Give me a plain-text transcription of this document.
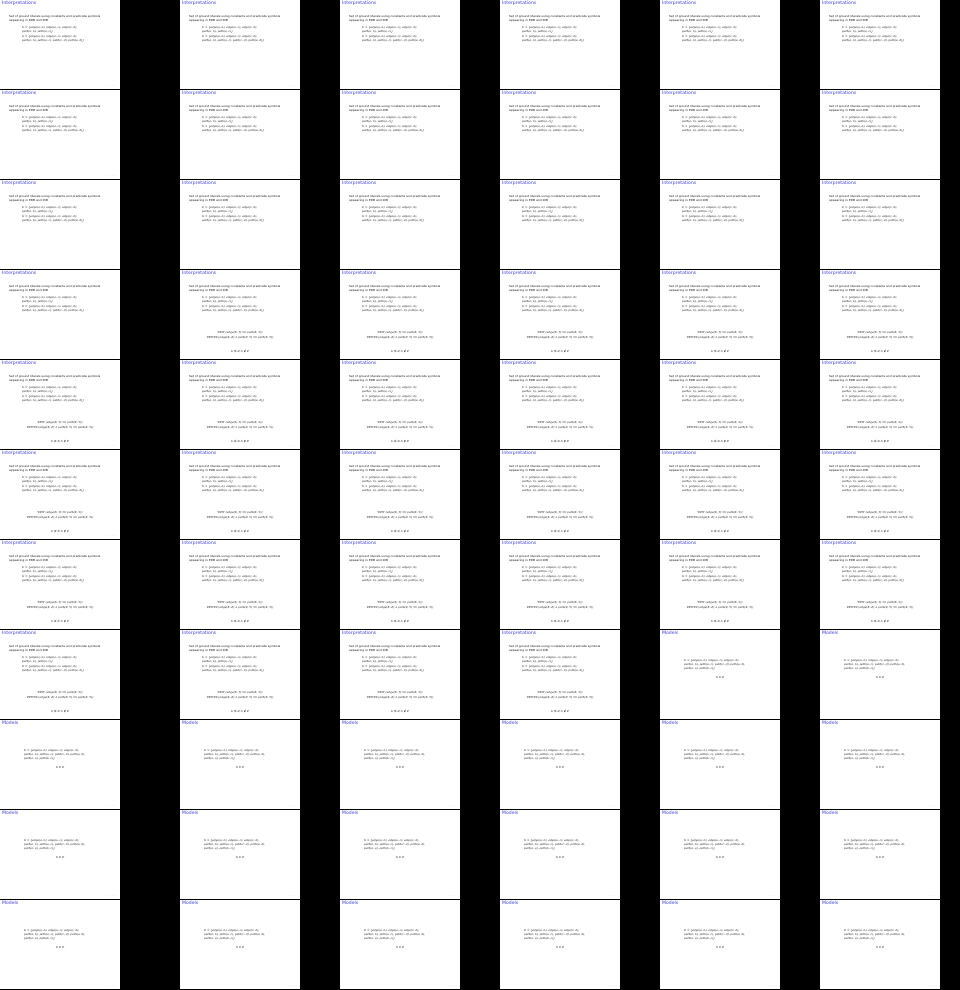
Interpretations
Set of ground literals using constants and predicate symbols
appearing in EDB and IDB
I₁ = {edge(a, b), edge(a, c), edge(c, d),
path(a, b), path(a, c)}
I₂ = {edge(a, b), edge(a, c), edge(c, d),
path(a, b), path(a, c), path(c, d), path(a, d)}
• • • •
Interpretations
Set of ground literals using constants and predicate symbols
appearing in EDB and IDB
I₁ = {edge(a, b), edge(a, c), edge(c, d),
path(a, b), path(a, c)}
I₂ = {edge(a, b), edge(a, c), edge(c, d),
path(a, b), path(a, c), path(c, d), path(a, d)}
• • • •
Interpretations
Set of ground literals using constants and predicate symbols
appearing in EDB and IDB
I₁ = {edge(a, b), edge(a, c), edge(c, d),
path(a, b), path(a, c)}
I₂ = {edge(a, b), edge(a, c), edge(c, d),
path(a, b), path(a, c), path(c, d), path(a, d)}
• • • •
Interpretations
Set of ground literals using constants and predicate symbols
appearing in EDB and IDB
I₁ = {edge(a, b), edge(a, c), edge(c, d),
path(a, b), path(a, c)}
I₂ = {edge(a, b), edge(a, c), edge(c, d),
path(a, b), path(a, c), path(c, d), path(a, d)}
• • • •
Interpretations
Set of ground literals using constants and predicate symbols
appearing in EDB and IDB
I₁ = {edge(a, b), edge(a, c), edge(c, d),
path(a, b), path(a, c)}
I₂ = {edge(a, b), edge(a, c), edge(c, d),
path(a, b), path(a, c), path(c, d), path(a, d)}
• • • •
Interpretations
Set of ground literals using constants and predicate symbols
appearing in EDB and IDB
I₁ = {edge(a, b), edge(a, c), edge(c, d),
path(a, b), path(a, c)}
I₂ = {edge(a, b), edge(a, c), edge(c, d),
path(a, b), path(a, c), path(c, d), path(a, d)}
• • • •
Interpretations
Set of ground literals using constants and predicate symbols
appearing in EDB and IDB
I₁ = {edge(a, b), edge(a, c), edge(c, d),
path(a, b), path(a, c)}
I₂ = {edge(a, b), edge(a, c), edge(c, d),
path(a, b), path(a, c), path(c, d), path(a, d)}
• • • •
Interpretations
Set of ground literals using constants and predicate symbols
appearing in EDB and IDB
I₁ = {edge(a, b), edge(a, c), edge(c, d),
path(a, b), path(a, c)}
I₂ = {edge(a, b), edge(a, c), edge(c, d),
path(a, b), path(a, c), path(c, d), path(a, d)}
• • • •
Interpretations
Set of ground literals using constants and predicate symbols
appearing in EDB and IDB
I₁ = {edge(a, b), edge(a, c), edge(c, d),
path(a, b), path(a, c)}
I₂ = {edge(a, b), edge(a, c), edge(c, d),
path(a, b), path(a, c), path(c, d), path(a, d)}
• • • •
Interpretations
Set of ground literals using constants and predicate symbols
appearing in EDB and IDB
I₁ = {edge(a, b), edge(a, c), edge(c, d),
path(a, b), path(a, c)}
I₂ = {edge(a, b), edge(a, c), edge(c, d),
path(a, b), path(a, c), path(c, d), path(a, d)}
• • • •
Interpretations
Set of ground literals using constants and predicate symbols
appearing in EDB and IDB
I₁ = {edge(a, b), edge(a, c), edge(c, d),
path(a, b), path(a, c)}
I₂ = {edge(a, b), edge(a, c), edge(c, d),
path(a, b), path(a, c), path(c, d), path(a, d)}
• • • •
Interpretations
Set of ground literals using constants and predicate symbols
appearing in EDB and IDB
I₁ = {edge(a, b), edge(a, c), edge(c, d),
path(a, b), path(a, c)}
I₂ = {edge(a, b), edge(a, c), edge(c, d),
path(a, b), path(a, c), path(c, d), path(a, d)}
• • • •
Interpretations
Set of ground literals using constants and predicate symbols
appearing in EDB and IDB
I₁ = {edge(a, b), edge(a, c), edge(c, d),
path(a, b), path(a, c)}
I₂ = {edge(a, b), edge(a, c), edge(c, d),
path(a, b), path(a, c), path(c, d), path(a, d)}
• • • •
Interpretations
Set of ground literals using constants and predicate symbols
appearing in EDB and IDB
I₁ = {edge(a, b), edge(a, c), edge(c, d),
path(a, b), path(a, c)}
I₂ = {edge(a, b), edge(a, c), edge(c, d),
path(a, b), path(a, c), path(c, d), path(a, d)}
• • • •
Interpretations
Set of ground literals using constants and predicate symbols
appearing in EDB and IDB
I₁ = {edge(a, b), edge(a, c), edge(c, d),
path(a, b), path(a, c)}
I₂ = {edge(a, b), edge(a, c), edge(c, d),
path(a, b), path(a, c), path(c, d), path(a, d)}
• • • •
Interpretations
Set of ground literals using constants and predicate symbols
appearing in EDB and IDB
I₁ = {edge(a, b), edge(a, c), edge(c, d),
path(a, b), path(a, c)}
I₂ = {edge(a, b), edge(a, c), edge(c, d),
path(a, b), path(a, c), path(c, d), path(a, d)}
• • • •
Interpretations
Set of ground literals using constants and predicate symbols
appearing in EDB and IDB
I₁ = {edge(a, b), edge(a, c), edge(c, d),
path(a, b), path(a, c)}
I₂ = {edge(a, b), edge(a, c), edge(c, d),
path(a, b), path(a, c), path(c, d), path(a, d)}
• • • •
Interpretations
Set of ground literals using constants and predicate symbols
appearing in EDB and IDB
I₁ = {edge(a, b), edge(a, c), edge(c, d),
path(a, b), path(a, c)}
I₂ = {edge(a, b), edge(a, c), edge(c, d),
path(a, b), path(a, c), path(c, d), path(a, d)}
• • • •
Interpretations
Set of ground literals using constants and predicate symbols
appearing in EDB and IDB
I₁ = {edge(a, b), edge(a, c), edge(c, d),
path(a, b), path(a, c)}
I₂ = {edge(a, b), edge(a, c), edge(c, d),
path(a, b), path(a, c), path(c, d), path(a, d)}
• • • •
Interpretations
Set of ground literals using constants and predicate symbols
appearing in EDB and IDB
I₁ = {edge(a, b), edge(a, c), edge(c, d),
path(a, b), path(a, c)}
I₂ = {edge(a, b), edge(a, c), edge(c, d),
path(a, b), path(a, c), path(c, d), path(a, d)}
∀X∀Y (edge(X, Y) ⟹ path(X, Y))
∀X∀Y∀Z (edge(X, Z) ∧ path(Z, Y) ⟹ path(X, Y))
I₂ ⊭ P, I₁ ⊭ P
• • • •
Interpretations
Set of ground literals using constants and predicate symbols
appearing in EDB and IDB
I₁ = {edge(a, b), edge(a, c), edge(c, d),
path(a, b), path(a, c)}
I₂ = {edge(a, b), edge(a, c), edge(c, d),
path(a, b), path(a, c), path(c, d), path(a, d)}
∀X∀Y (edge(X, Y) ⟹ path(X, Y))
∀X∀Y∀Z (edge(X, Z) ∧ path(Z, Y) ⟹ path(X, Y))
I₂ ⊭ P, I₁ ⊭ P
• • • •
Interpretations
Set of ground literals using constants and predicate symbols
appearing in EDB and IDB
I₁ = {edge(a, b), edge(a, c), edge(c, d),
path(a, b), path(a, c)}
I₂ = {edge(a, b), edge(a, c), edge(c, d),
path(a, b), path(a, c), path(c, d), path(a, d)}
∀X∀Y (edge(X, Y) ⟹ path(X, Y))
∀X∀Y∀Z (edge(X, Z) ∧ path(Z, Y) ⟹ path(X, Y))
I₂ ⊭ P, I₁ ⊭ P
• • • •
Interpretations
Set of ground literals using constants and predicate symbols
appearing in EDB and IDB
I₁ = {edge(a, b), edge(a, c), edge(c, d),
path(a, b), path(a, c)}
I₂ = {edge(a, b), edge(a, c), edge(c, d),
path(a, b), path(a, c), path(c, d), path(a, d)}
∀X∀Y (edge(X, Y) ⟹ path(X, Y))
∀X∀Y∀Z (edge(X, Z) ∧ path(Z, Y) ⟹ path(X, Y))
I₂ ⊭ P, I₁ ⊭ P
• • • •
Interpretations
Set of ground literals using constants and predicate symbols
appearing in EDB and IDB
I₁ = {edge(a, b), edge(a, c), edge(c, d),
path(a, b), path(a, c)}
I₂ = {edge(a, b), edge(a, c), edge(c, d),
path(a, b), path(a, c), path(c, d), path(a, d)}
∀X∀Y (edge(X, Y) ⟹ path(X, Y))
∀X∀Y∀Z (edge(X, Z) ∧ path(Z, Y) ⟹ path(X, Y))
I₂ ⊭ P, I₁ ⊭ P
• • • •
Interpretations
Set of ground literals using constants and predicate symbols
appearing in EDB and IDB
I₁ = {edge(a, b), edge(a, c), edge(c, d),
path(a, b), path(a, c)}
I₂ = {edge(a, b), edge(a, c), edge(c, d),
path(a, b), path(a, c), path(c, d), path(a, d)}
∀X∀Y (edge(X, Y) ⟹ path(X, Y))
∀X∀Y∀Z (edge(X, Z) ∧ path(Z, Y) ⟹ path(X, Y))
I₂ ⊭ P, I₁ ⊭ P
• • • •
Interpretations
Set of ground literals using constants and predicate symbols
appearing in EDB and IDB
I₁ = {edge(a, b), edge(a, c), edge(c, d),
path(a, b), path(a, c)}
I₂ = {edge(a, b), edge(a, c), edge(c, d),
path(a, b), path(a, c), path(c, d), path(a, d)}
∀X∀Y (edge(X, Y) ⟹ path(X, Y))
∀X∀Y∀Z (edge(X, Z) ∧ path(Z, Y) ⟹ path(X, Y))
I₂ ⊭ P, I₁ ⊭ P
• • • •
Interpretations
Set of ground literals using constants and predicate symbols
appearing in EDB and IDB
I₁ = {edge(a, b), edge(a, c), edge(c, d),
path(a, b), path(a, c)}
I₂ = {edge(a, b), edge(a, c), edge(c, d),
path(a, b), path(a, c), path(c, d), path(a, d)}
∀X∀Y (edge(X, Y) ⟹ path(X, Y))
∀X∀Y∀Z (edge(X, Z) ∧ path(Z, Y) ⟹ path(X, Y))
I₂ ⊭ P, I₁ ⊭ P
• • • •
Interpretations
Set of ground literals using constants and predicate symbols
appearing in EDB and IDB
I₁ = {edge(a, b), edge(a, c), edge(c, d),
path(a, b), path(a, c)}
I₂ = {edge(a, b), edge(a, c), edge(c, d),
path(a, b), path(a, c), path(c, d), path(a, d)}
∀X∀Y (edge(X, Y) ⟹ path(X, Y))
∀X∀Y∀Z (edge(X, Z) ∧ path(Z, Y) ⟹ path(X, Y))
I₂ ⊭ P, I₁ ⊭ P
• • • •
Interpretations
Set of ground literals using constants and predicate symbols
appearing in EDB and IDB
I₁ = {edge(a, b), edge(a, c), edge(c, d),
path(a, b), path(a, c)}
I₂ = {edge(a, b), edge(a, c), edge(c, d),
path(a, b), path(a, c), path(c, d), path(a, d)}
∀X∀Y (edge(X, Y) ⟹ path(X, Y))
∀X∀Y∀Z (edge(X, Z) ∧ path(Z, Y) ⟹ path(X, Y))
I₂ ⊭ P, I₁ ⊭ P
• • • •
Interpretations
Set of ground literals using constants and predicate symbols
appearing in EDB and IDB
I₁ = {edge(a, b), edge(a, c), edge(c, d),
path(a, b), path(a, c)}
I₂ = {edge(a, b), edge(a, c), edge(c, d),
path(a, b), path(a, c), path(c, d), path(a, d)}
∀X∀Y (edge(X, Y) ⟹ path(X, Y))
∀X∀Y∀Z (edge(X, Z) ∧ path(Z, Y) ⟹ path(X, Y))
I₂ ⊭ P, I₁ ⊭ P
• • • •
Interpretations
Set of ground literals using constants and predicate symbols
appearing in EDB and IDB
I₁ = {edge(a, b), edge(a, c), edge(c, d),
path(a, b), path(a, c)}
I₂ = {edge(a, b), edge(a, c), edge(c, d),
path(a, b), path(a, c), path(c, d), path(a, d)}
∀X∀Y (edge(X, Y) ⟹ path(X, Y))
∀X∀Y∀Z (edge(X, Z) ∧ path(Z, Y) ⟹ path(X, Y))
I₂ ⊭ P, I₁ ⊭ P
• • • •
Interpretations
Set of ground literals using constants and predicate symbols
appearing in EDB and IDB
I₁ = {edge(a, b), edge(a, c), edge(c, d),
path(a, b), path(a, c)}
I₂ = {edge(a, b), edge(a, c), edge(c, d),
path(a, b), path(a, c), path(c, d), path(a, d)}
∀X∀Y (edge(X, Y) ⟹ path(X, Y))
∀X∀Y∀Z (edge(X, Z) ∧ path(Z, Y) ⟹ path(X, Y))
I₂ ⊭ P, I₁ ⊭ P
• • • •
Interpretations
Set of ground literals using constants and predicate symbols
appearing in EDB and IDB
I₁ = {edge(a, b), edge(a, c), edge(c, d),
path(a, b), path(a, c)}
I₂ = {edge(a, b), edge(a, c), edge(c, d),
path(a, b), path(a, c), path(c, d), path(a, d)}
∀X∀Y (edge(X, Y) ⟹ path(X, Y))
∀X∀Y∀Z (edge(X, Z) ∧ path(Z, Y) ⟹ path(X, Y))
I₂ ⊭ P, I₁ ⊭ P
• • • •
Interpretations
Set of ground literals using constants and predicate symbols
appearing in EDB and IDB
I₁ = {edge(a, b), edge(a, c), edge(c, d),
path(a, b), path(a, c)}
I₂ = {edge(a, b), edge(a, c), edge(c, d),
path(a, b), path(a, c), path(c, d), path(a, d)}
∀X∀Y (edge(X, Y) ⟹ path(X, Y))
∀X∀Y∀Z (edge(X, Z) ∧ path(Z, Y) ⟹ path(X, Y))
I₂ ⊭ P, I₁ ⊭ P
• • • •
Interpretations
Set of ground literals using constants and predicate symbols
appearing in EDB and IDB
I₁ = {edge(a, b), edge(a, c), edge(c, d),
path(a, b), path(a, c)}
I₂ = {edge(a, b), edge(a, c), edge(c, d),
path(a, b), path(a, c), path(c, d), path(a, d)}
∀X∀Y (edge(X, Y) ⟹ path(X, Y))
∀X∀Y∀Z (edge(X, Z) ∧ path(Z, Y) ⟹ path(X, Y))
I₂ ⊭ P, I₁ ⊭ P
• • • •
Interpretations
Set of ground literals using constants and predicate symbols
appearing in EDB and IDB
I₁ = {edge(a, b), edge(a, c), edge(c, d),
path(a, b), path(a, c)}
I₂ = {edge(a, b), edge(a, c), edge(c, d),
path(a, b), path(a, c), path(c, d), path(a, d)}
∀X∀Y (edge(X, Y) ⟹ path(X, Y))
∀X∀Y∀Z (edge(X, Z) ∧ path(Z, Y) ⟹ path(X, Y))
I₂ ⊭ P, I₁ ⊭ P
• • • •
Interpretations
Set of ground literals using constants and predicate symbols
appearing in EDB and IDB
I₁ = {edge(a, b), edge(a, c), edge(c, d),
path(a, b), path(a, c)}
I₂ = {edge(a, b), edge(a, c), edge(c, d),
path(a, b), path(a, c), path(c, d), path(a, d)}
∀X∀Y (edge(X, Y) ⟹ path(X, Y))
∀X∀Y∀Z (edge(X, Z) ∧ path(Z, Y) ⟹ path(X, Y))
I₂ ⊭ P, I₁ ⊭ P
• • • •
Interpretations
Set of ground literals using constants and predicate symbols
appearing in EDB and IDB
I₁ = {edge(a, b), edge(a, c), edge(c, d),
path(a, b), path(a, c)}
I₂ = {edge(a, b), edge(a, c), edge(c, d),
path(a, b), path(a, c), path(c, d), path(a, d)}
∀X∀Y (edge(X, Y) ⟹ path(X, Y))
∀X∀Y∀Z (edge(X, Z) ∧ path(Z, Y) ⟹ path(X, Y))
I₂ ⊭ P, I₁ ⊭ P
• • • •
Interpretations
Set of ground literals using constants and predicate symbols
appearing in EDB and IDB
I₁ = {edge(a, b), edge(a, c), edge(c, d),
path(a, b), path(a, c)}
I₂ = {edge(a, b), edge(a, c), edge(c, d),
path(a, b), path(a, c), path(c, d), path(a, d)}
∀X∀Y (edge(X, Y) ⟹ path(X, Y))
∀X∀Y∀Z (edge(X, Z) ∧ path(Z, Y) ⟹ path(X, Y))
I₂ ⊭ P, I₁ ⊭ P
• • • •
Interpretations
Set of ground literals using constants and predicate symbols
appearing in EDB and IDB
I₁ = {edge(a, b), edge(a, c), edge(c, d),
path(a, b), path(a, c)}
I₂ = {edge(a, b), edge(a, c), edge(c, d),
path(a, b), path(a, c), path(c, d), path(a, d)}
∀X∀Y (edge(X, Y) ⟹ path(X, Y))
∀X∀Y∀Z (edge(X, Z) ∧ path(Z, Y) ⟹ path(X, Y))
I₂ ⊭ P, I₁ ⊭ P
• • • •
Interpretations
Set of ground literals using constants and predicate symbols
appearing in EDB and IDB
I₁ = {edge(a, b), edge(a, c), edge(c, d),
path(a, b), path(a, c)}
I₂ = {edge(a, b), edge(a, c), edge(c, d),
path(a, b), path(a, c), path(c, d), path(a, d)}
∀X∀Y (edge(X, Y) ⟹ path(X, Y))
∀X∀Y∀Z (edge(X, Z) ∧ path(Z, Y) ⟹ path(X, Y))
I₂ ⊭ P, I₁ ⊭ P
• • • •
Interpretations
Set of ground literals using constants and predicate symbols
appearing in EDB and IDB
I₁ = {edge(a, b), edge(a, c), edge(c, d),
path(a, b), path(a, c)}
I₂ = {edge(a, b), edge(a, c), edge(c, d),
path(a, b), path(a, c), path(c, d), path(a, d)}
∀X∀Y (edge(X, Y) ⟹ path(X, Y))
∀X∀Y∀Z (edge(X, Z) ∧ path(Z, Y) ⟹ path(X, Y))
I₂ ⊭ P, I₁ ⊭ P
• • • •
Interpretations
Set of ground literals using constants and predicate symbols
appearing in EDB and IDB
I₁ = {edge(a, b), edge(a, c), edge(c, d),
path(a, b), path(a, c)}
I₂ = {edge(a, b), edge(a, c), edge(c, d),
path(a, b), path(a, c), path(c, d), path(a, d)}
∀X∀Y (edge(X, Y) ⟹ path(X, Y))
∀X∀Y∀Z (edge(X, Z) ∧ path(Z, Y) ⟹ path(X, Y))
I₂ ⊭ P, I₁ ⊭ P
• • • •
Interpretations
Set of ground literals using constants and predicate symbols
appearing in EDB and IDB
I₁ = {edge(a, b), edge(a, c), edge(c, d),
path(a, b), path(a, c)}
I₂ = {edge(a, b), edge(a, c), edge(c, d),
path(a, b), path(a, c), path(c, d), path(a, d)}
∀X∀Y (edge(X, Y) ⟹ path(X, Y))
∀X∀Y∀Z (edge(X, Z) ∧ path(Z, Y) ⟹ path(X, Y))
I₂ ⊭ P, I₁ ⊭ P
• • • •
Interpretations
Set of ground literals using constants and predicate symbols
appearing in EDB and IDB
I₁ = {edge(a, b), edge(a, c), edge(c, d),
path(a, b), path(a, c)}
I₂ = {edge(a, b), edge(a, c), edge(c, d),
path(a, b), path(a, c), path(c, d), path(a, d)}
∀X∀Y (edge(X, Y) ⟹ path(X, Y))
∀X∀Y∀Z (edge(X, Z) ∧ path(Z, Y) ⟹ path(X, Y))
I₂ ⊭ P, I₁ ⊭ P
• • • •
Interpretations
Set of ground literals using constants and predicate symbols
appearing in EDB and IDB
I₁ = {edge(a, b), edge(a, c), edge(c, d),
path(a, b), path(a, c)}
I₂ = {edge(a, b), edge(a, c), edge(c, d),
path(a, b), path(a, c), path(c, d), path(a, d)}
∀X∀Y (edge(X, Y) ⟹ path(X, Y))
∀X∀Y∀Z (edge(X, Z) ∧ path(Z, Y) ⟹ path(X, Y))
I₂ ⊭ P, I₁ ⊭ P
• • • •
Models
I₂ = {edge(a, b), edge(a, c), edge(c, d),
path(a, b), path(a, c), path(c, d), path(a, d),
path(a, a), path(b, c)}
I₂ ⊨ P
• • • •
Models
I₂ = {edge(a, b), edge(a, c), edge(c, d),
path(a, b), path(a, c), path(c, d), path(a, d),
path(a, a), path(b, c)}
I₂ ⊨ P
• • • •
Models
I₂ = {edge(a, b), edge(a, c), edge(c, d),
path(a, b), path(a, c), path(c, d), path(a, d),
path(a, a), path(b, c)}
I₂ ⊨ P
• • • •
Models
I₂ = {edge(a, b), edge(a, c), edge(c, d),
path(a, b), path(a, c), path(c, d), path(a, d),
path(a, a), path(b, c)}
I₂ ⊨ P
• • • •
Models
I₂ = {edge(a, b), edge(a, c), edge(c, d),
path(a, b), path(a, c), path(c, d), path(a, d),
path(a, a), path(b, c)}
I₂ ⊨ P
• • • •
Models
I₂ = {edge(a, b), edge(a, c), edge(c, d),
path(a, b), path(a, c), path(c, d), path(a, d),
path(a, a), path(b, c)}
I₂ ⊨ P
• • • •
Models
I₂ = {edge(a, b), edge(a, c), edge(c, d),
path(a, b), path(a, c), path(c, d), path(a, d),
path(a, a), path(b, c)}
I₂ ⊨ P
• • • •
Models
I₂ = {edge(a, b), edge(a, c), edge(c, d),
path(a, b), path(a, c), path(c, d), path(a, d),
path(a, a), path(b, c)}
I₂ ⊨ P
• • • •
Models
I₂ = {edge(a, b), edge(a, c), edge(c, d),
path(a, b), path(a, c), path(c, d), path(a, d),
path(a, a), path(b, c)}
I₂ ⊨ P
• • • •
Models
I₂ = {edge(a, b), edge(a, c), edge(c, d),
path(a, b), path(a, c), path(c, d), path(a, d),
path(a, a), path(b, c)}
I₂ ⊨ P
• • • •
Models
I₂ = {edge(a, b), edge(a, c), edge(c, d),
path(a, b), path(a, c), path(c, d), path(a, d),
path(a, a), path(b, c)}
I₂ ⊨ P
• • • •
Models
I₂ = {edge(a, b), edge(a, c), edge(c, d),
path(a, b), path(a, c), path(c, d), path(a, d),
path(a, a), path(b, c)}
I₂ ⊨ P
• • • •
Models
I₂ = {edge(a, b), edge(a, c), edge(c, d),
path(a, b), path(a, c), path(c, d), path(a, d),
path(a, a), path(b, c)}
I₂ ⊨ P
• • • •
Models
I₂ = {edge(a, b), edge(a, c), edge(c, d),
path(a, b), path(a, c), path(c, d), path(a, d),
path(a, a), path(b, c)}
I₂ ⊨ P
• • • •
Models
I₂ = {edge(a, b), edge(a, c), edge(c, d),
path(a, b), path(a, c), path(c, d), path(a, d),
path(a, a), path(b, c)}
I₂ ⊨ P
• • • •
Models
I₂ = {edge(a, b), edge(a, c), edge(c, d),
path(a, b), path(a, c), path(c, d), path(a, d),
path(a, a), path(b, c)}
I₂ ⊨ P
• • • •
Models
I₂ = {edge(a, b), edge(a, c), edge(c, d),
path(a, b), path(a, c), path(c, d), path(a, d),
path(a, a), path(b, c)}
I₂ ⊨ P
• • • •
Models
I₂ = {edge(a, b), edge(a, c), edge(c, d),
path(a, b), path(a, c), path(c, d), path(a, d),
path(a, a), path(b, c)}
I₂ ⊨ P
• • • •
Models
I₂ = {edge(a, b), edge(a, c), edge(c, d),
path(a, b), path(a, c), path(c, d), path(a, d),
path(a, a), path(b, c)}
I₂ ⊨ P
• • • •
Models
I₂ = {edge(a, b), edge(a, c), edge(c, d),
path(a, b), path(a, c), path(c, d), path(a, d),
path(a, a), path(b, c)}
I₂ ⊨ P
• • • •
